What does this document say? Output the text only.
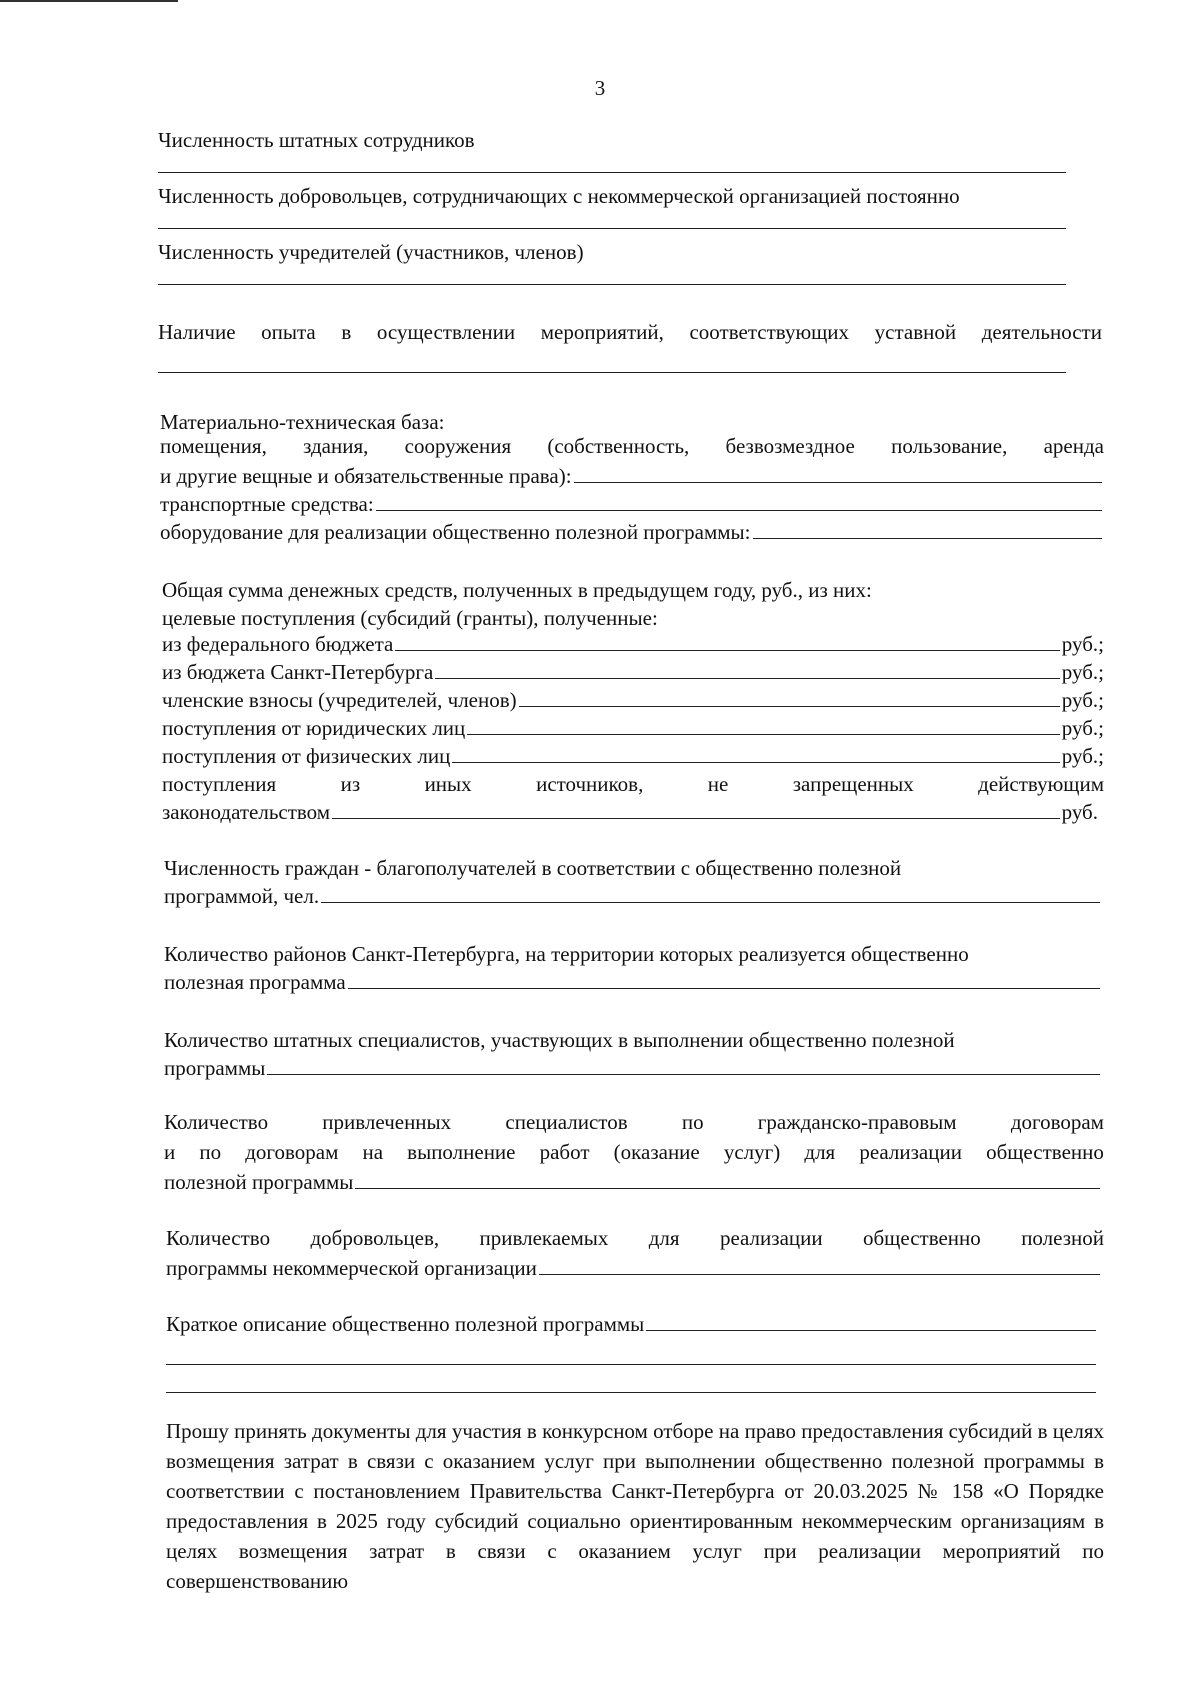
3
Численность штатных сотрудников
Численность добровольцев, сотрудничающих с некоммерческой организацией постоянно
Численность учредителей (участников, членов)
Наличие опыта в осуществлении мероприятий, соответствующих уставной деятельности
Материально-техническая база:
помещения, здания, сооружения (собственность, безвозмездное пользование, аренда
и другие вещные и обязательственные права):
транспортные средства:
оборудование для реализации общественно полезной программы:
Общая сумма денежных средств, полученных в предыдущем году, руб., из них:
целевые поступления (субсидий (гранты), полученные:
из федерального бюджета	руб.;
из бюджета Санкт-Петербурга	руб.;
членские взносы (учредителей, членов)	руб.;
поступления от юридических лиц	руб.;
поступления от физических лиц	руб.;
поступления	из	иных	источников,	не	запрещенных	действующим
законодательством	руб.
Численность граждан - благополучателей в соответствии с общественно полезной
программой, чел.
Количество районов Санкт-Петербурга, на территории которых реализуется общественно
полезная программа
Количество штатных специалистов, участвующих в выполнении общественно полезной
программы
Количество	привлеченных	специалистов	по	гражданско-правовым	договорам
и по договорам на выполнение работ (оказание услуг) для реализации общественно
полезной программы
Количество добровольцев, привлекаемых для реализации общественно полезной
программы некоммерческой организации
Краткое описание общественно полезной программы
Прошу принять документы для участия в конкурсном отборе на право предоставления субсидий в целях возмещения затрат в связи с оказанием услуг при выполнении общественно полезной программы в соответствии с постановлением Правительства Санкт-Петербурга от 20.03.2025 № 158 «О Порядке предоставления в 2025 году субсидий социально ориентированным некоммерческим организациям в целях возмещения затрат в связи с оказанием услуг при реализации мероприятий по совершенствованию
